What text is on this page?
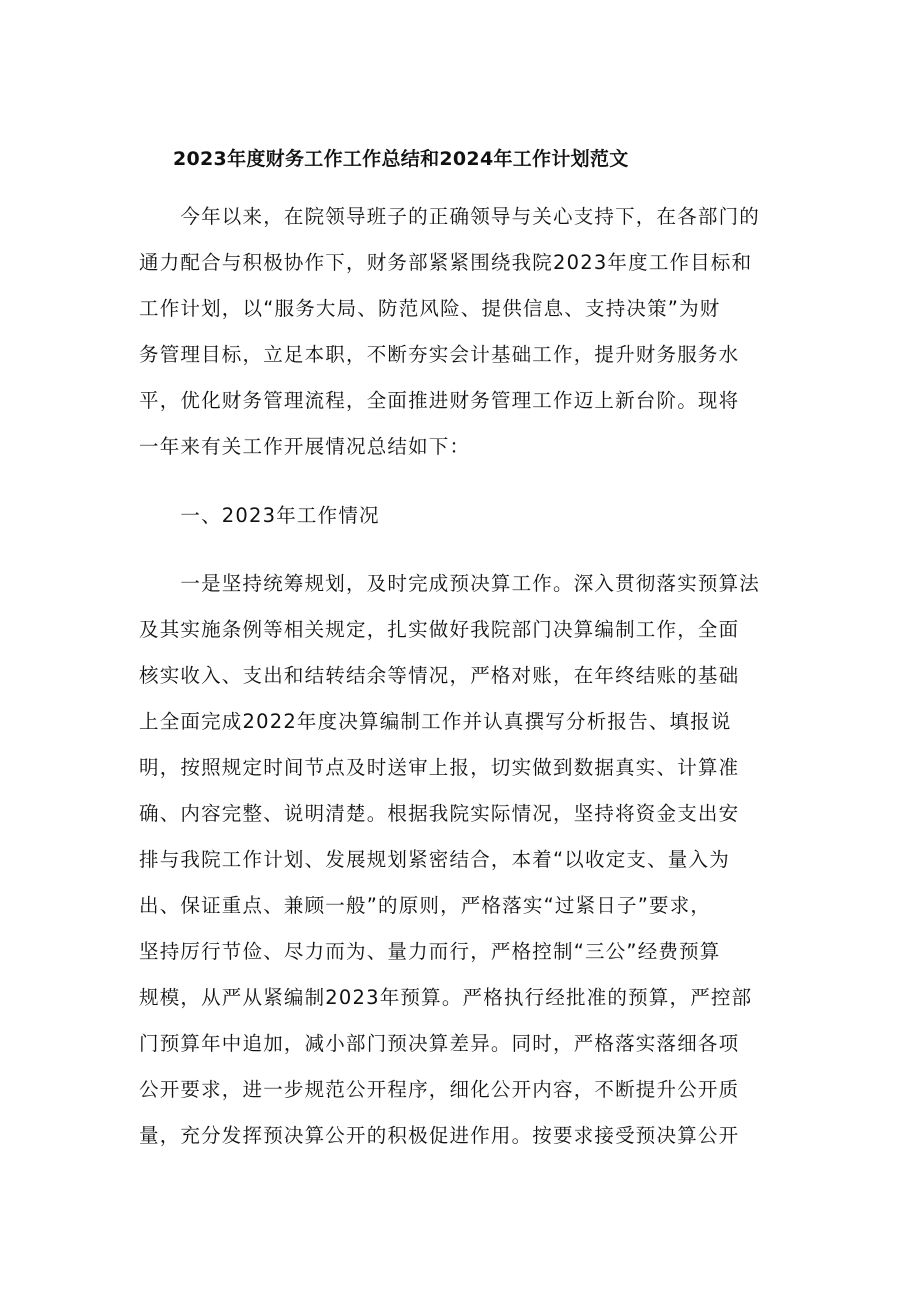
2023年度财务工作工作总结和2024年工作计划范文
　　今年以来，在院领导班子的正确领导与关心支持下，在各部门的
通力配合与积极协作下，财务部紧紧围绕我院2023年度工作目标和
工作计划，以“服务大局、防范风险、提供信息、支持决策”为财
务管理目标，立足本职，不断夯实会计基础工作，提升财务服务水
平，优化财务管理流程，全面推进财务管理工作迈上新台阶。现将
一年来有关工作开展情况总结如下：
　　一、2023年工作情况
　　一是坚持统筹规划，及时完成预决算工作。深入贯彻落实预算法
及其实施条例等相关规定，扎实做好我院部门决算编制工作，全面
核实收入、支出和结转结余等情况，严格对账，在年终结账的基础
上全面完成2022年度决算编制工作并认真撰写分析报告、填报说
明，按照规定时间节点及时送审上报，切实做到数据真实、计算准
确、内容完整、说明清楚。根据我院实际情况，坚持将资金支出安
排与我院工作计划、发展规划紧密结合，本着“以收定支、量入为
出、保证重点、兼顾一般”的原则，严格落实“过紧日子”要求，
坚持厉行节俭、尽力而为、量力而行，严格控制“三公”经费预算
规模，从严从紧编制2023年预算。严格执行经批准的预算，严控部
门预算年中追加，减小部门预决算差异。同时，严格落实落细各项
公开要求，进一步规范公开程序，细化公开内容，不断提升公开质
量，充分发挥预决算公开的积极促进作用。按要求接受预决算公开
